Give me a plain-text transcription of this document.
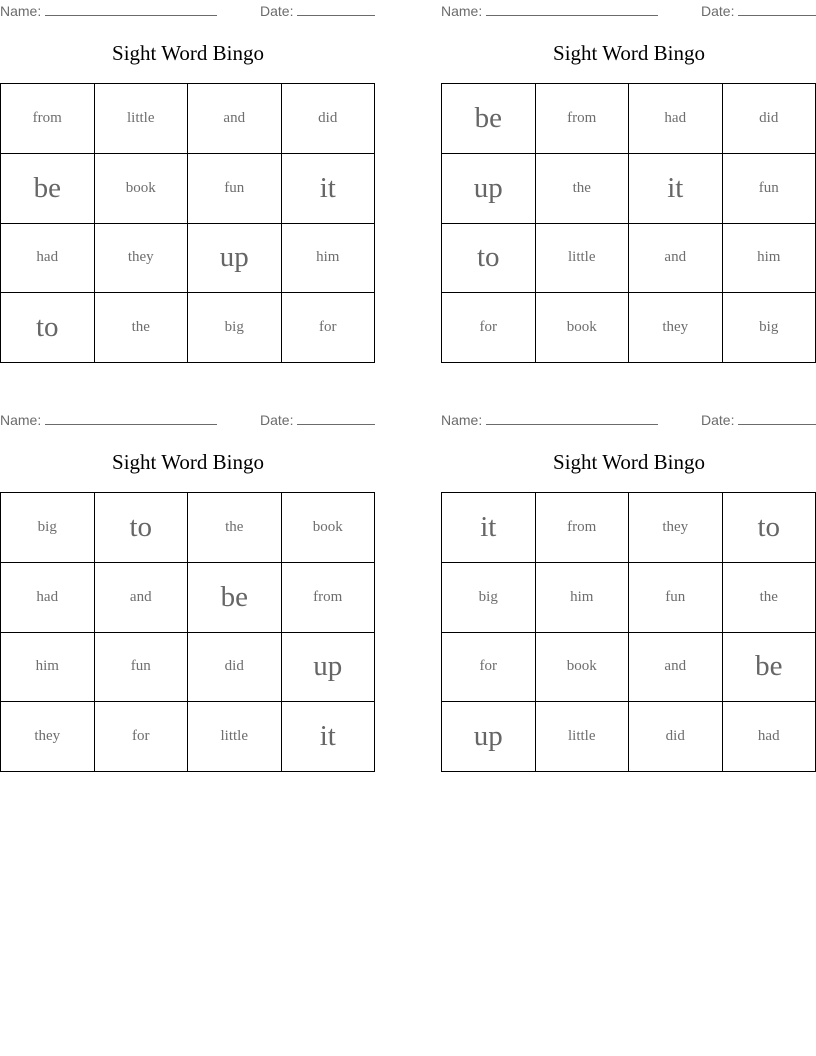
Name:	Date:
Sight Word Bingo
from	little	and	did
be	book	fun	it
had	they	up	him
to	the	big	for
Name:	Date:
Sight Word Bingo
be	from	had	did
up	the	it	fun
to	little	and	him
for	book	they	big
Name:	Date:
Sight Word Bingo
big	to	the	book
had	and	be	from
him	fun	did	up
they	for	little	it
Name:	Date:
Sight Word Bingo
it	from	they	to
big	him	fun	the
for	book	and	be
up	little	did	had
